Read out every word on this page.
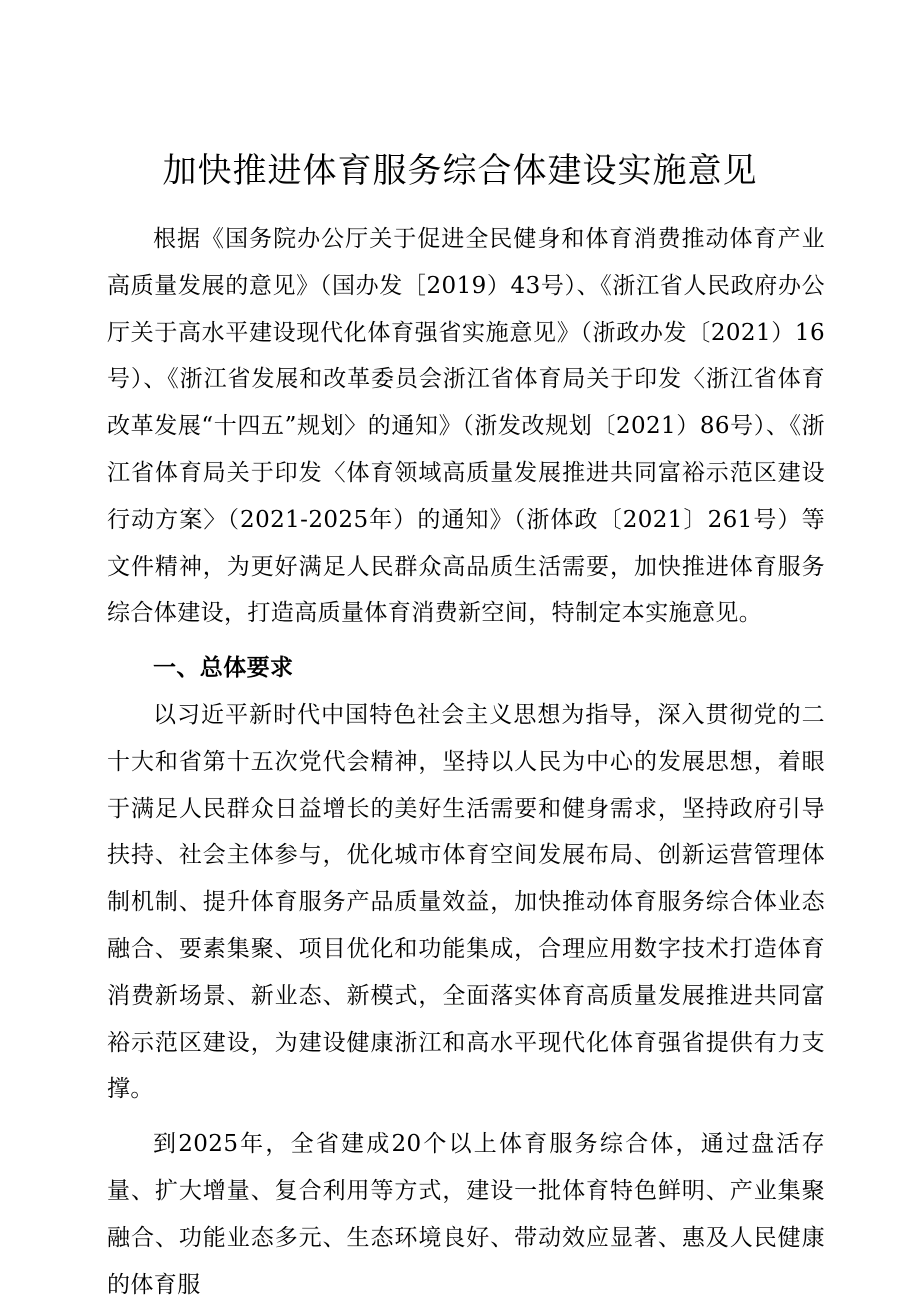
加快推进体育服务综合体建设实施意见

根据《国务院办公厅关于促进全民健身和体育消费推动体育产业高质量发展的意见》（国办发［2019）43号）、《浙江省人民政府办公厅关于高水平建设现代化体育强省实施意见》（浙政办发〔2021）16号）、《浙江省发展和改革委员会浙江省体育局关于印发〈浙江省体育改革发展“十四五”规划〉的通知》（浙发改规划〔2021）86号）、《浙江省体育局关于印发〈体育领域高质量发展推进共同富裕示范区建设行动方案〉（2021-2025年）的通知》（浙体政〔2021〕261号）等文件精神，为更好满足人民群众高品质生活需要，加快推进体育服务综合体建设，打造高质量体育消费新空间，特制定本实施意见。

一、总体要求

以习近平新时代中国特色社会主义思想为指导，深入贯彻党的二十大和省第十五次党代会精神，坚持以人民为中心的发展思想，着眼于满足人民群众日益增长的美好生活需要和健身需求，坚持政府引导扶持、社会主体参与，优化城市体育空间发展布局、创新运营管理体制机制、提升体育服务产品质量效益，加快推动体育服务综合体业态融合、要素集聚、项目优化和功能集成，合理应用数字技术打造体育消费新场景、新业态、新模式，全面落实体育高质量发展推进共同富裕示范区建设，为建设健康浙江和高水平现代化体育强省提供有力支撑。

到2025年，全省建成20个以上体育服务综合体，通过盘活存量、扩大增量、复合利用等方式，建设一批体育特色鲜明、产业集聚融合、功能业态多元、生态环境良好、带动效应显著、惠及人民健康的体育服
